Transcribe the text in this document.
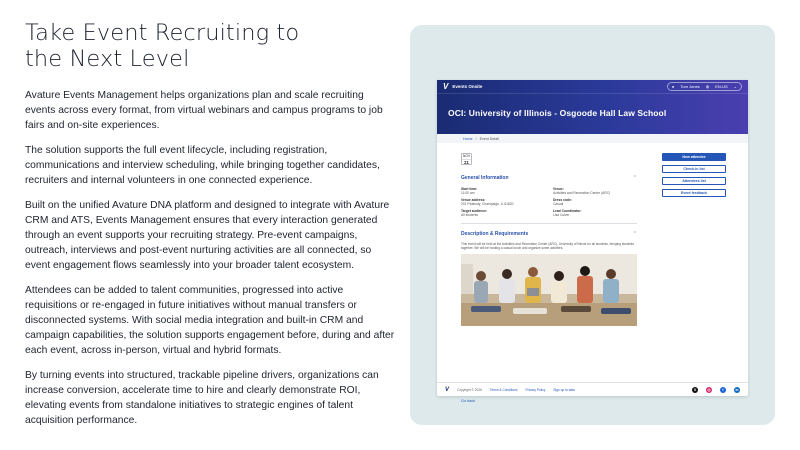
Take Event Recruiting to
the Next Level

Avature Events Management helps organizations plan and scale recruiting events across every format, from virtual webinars and campus programs to job fairs and on-site experiences.

The solution supports the full event lifecycle, including registration, communications and interview scheduling, while bringing together candidates, recruiters and internal volunteers in one connected experience.

Built on the unified Avature DNA platform and designed to integrate with Avature CRM and ATS, Events Management ensures that every interaction generated through an event supports your recruiting strategy. Pre-event campaigns, outreach, interviews and post-event nurturing activities are all connected, so event engagement flows seamlessly into your broader talent ecosystem.

Attendees can be added to talent communities, progressed into active requisitions or re-engaged in future initiatives without manual transfers or disconnected systems. With social media integration and built-in CRM and campaign capabilities, the solution supports engagement before, during and after each event, across in-person, virtual and hybrid formats.

By turning events into structured, trackable pipeline drivers, organizations can increase conversion, accelerate time to hire and clearly demonstrate ROI, elevating events from standalone initiatives to strategic engines of talent acquisition performance.

V Events Onsite	● Tom Jones ◍ EN-US ⌄
OCI: University of Illinois - Osgoode Hall Law School
Home / Event Detail
NOV
21
General Information	⌃
Start time:
11:00 am
Venue:
Activities and Recreation Center (ARC)
Venue address:
201 Peabody, Champaign, IL 61820
Dress code:
Casual
Target audience:
All students
Lead Coordinator:
Lisa Culver
Description & Requirements	⌃
This event will be held at the Activities and Recreation Center (ARC), University of Illinois for all students, bringing students together. We will be hosting a casual lunch and organize some activities.
Go back
New attendee
Check-in list
Attendees list
Event feedback
V	Copyright © 2026	Terms & Conditions	Privacy Policy	Sign up to data	X	◎	f	in
